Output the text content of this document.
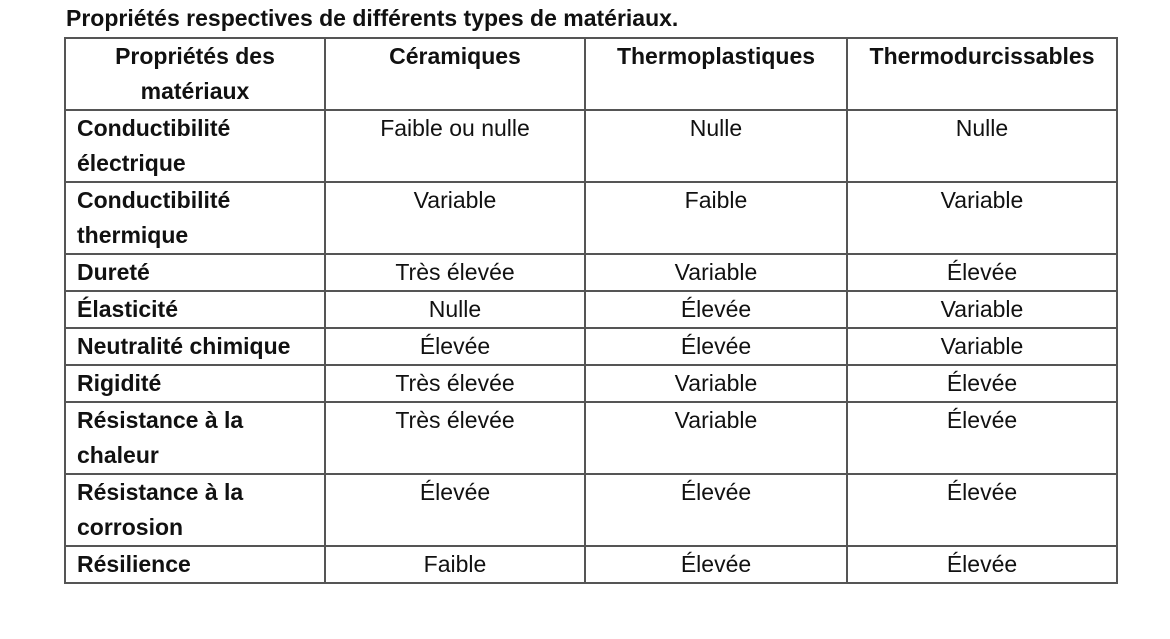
Propriétés respectives de différents types de matériaux.
Propriétés des matériaux	Céramiques	Thermoplastiques	Thermodurcissables
Conductibilité électrique	Faible ou nulle	Nulle	Nulle
Conductibilité thermique	Variable	Faible	Variable
Dureté	Très élevée	Variable	Élevée
Élasticité	Nulle	Élevée	Variable
Neutralité chimique	Élevée	Élevée	Variable
Rigidité	Très élevée	Variable	Élevée
Résistance à la chaleur	Très élevée	Variable	Élevée
Résistance à la corrosion	Élevée	Élevée	Élevée
Résilience	Faible	Élevée	Élevée
